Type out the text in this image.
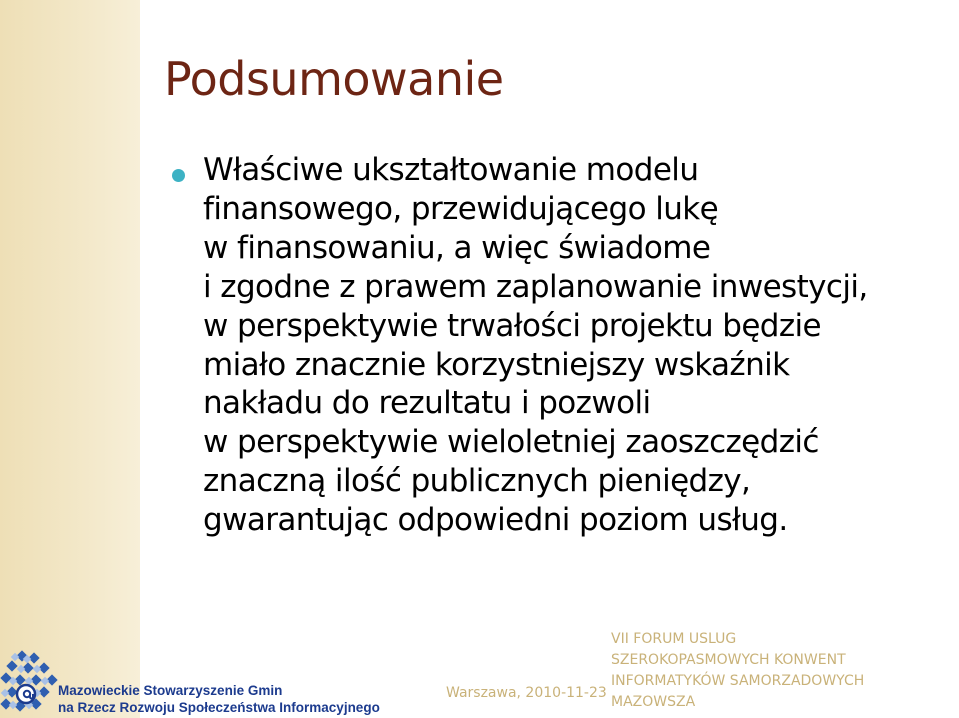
Podsumowanie

Właściwe ukształtowanie modelu
finansowego, przewidującego lukę
w finansowaniu, a więc świadome
i zgodne z prawem zaplanowanie inwestycji,
w perspektywie trwałości projektu będzie
miało znacznie korzystniejszy wskaźnik
nakładu do rezultatu i pozwoli
w perspektywie wieloletniej zaoszczędzić
znaczną ilość publicznych pieniędzy,
gwarantując odpowiedni poziom usług.

Mazowieckie Stowarzyszenie Gmin
na Rzecz Rozwoju Społeczeństwa Informacyjnego
Warszawa, 2010-11-23
VII FORUM USLUG
SZEROKOPASMOWYCH KONWENT
INFORMATYKÓW SAMORZADOWYCH
MAZOWSZA
